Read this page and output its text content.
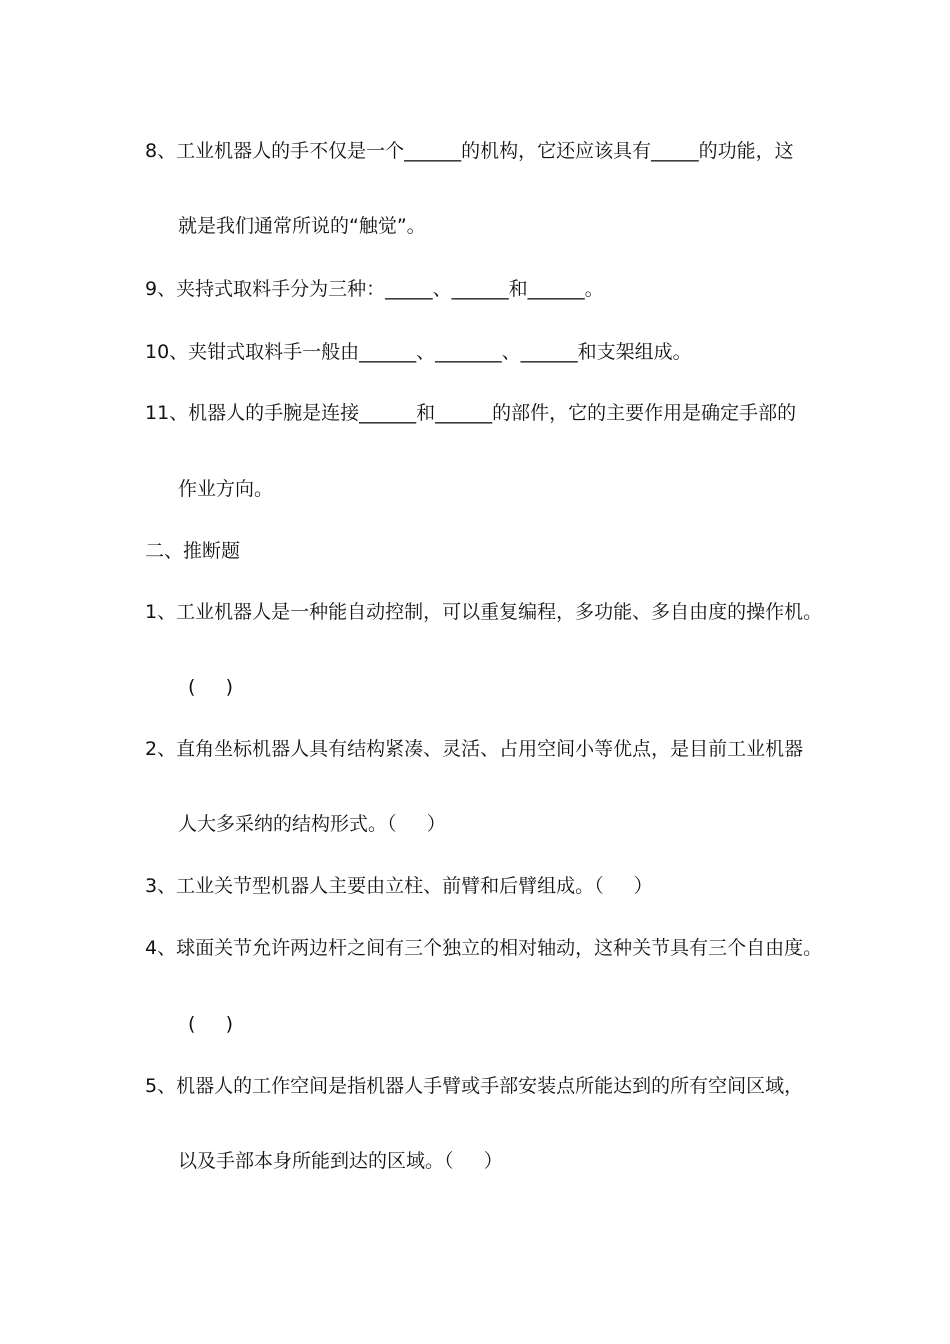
8、工业机器人的手不仅是一个______的机构，它还应该具有_____的功能，这

就是我们通常所说的“触觉”。

9、夹持式取料手分为三种：_____、______和______。

10、夹钳式取料手一般由______、_______、______和支架组成。

11、机器人的手腕是连接______和______的部件，它的主要作用是确定手部的

作业方向。

二、推断题

1、工业机器人是一种能自动控制，可以重复编程，多功能、多自由度的操作机。

(     )

2、直角坐标机器人具有结构紧凑、灵活、占用空间小等优点，是目前工业机器

人大多采纳的结构形式。（     ）

3、工业关节型机器人主要由立柱、前臂和后臂组成。（     ）

4、球面关节允许两边杆之间有三个独立的相对轴动，这种关节具有三个自由度。

(     )

5、机器人的工作空间是指机器人手臂或手部安装点所能达到的所有空间区域，

以及手部本身所能到达的区域。（     ）
